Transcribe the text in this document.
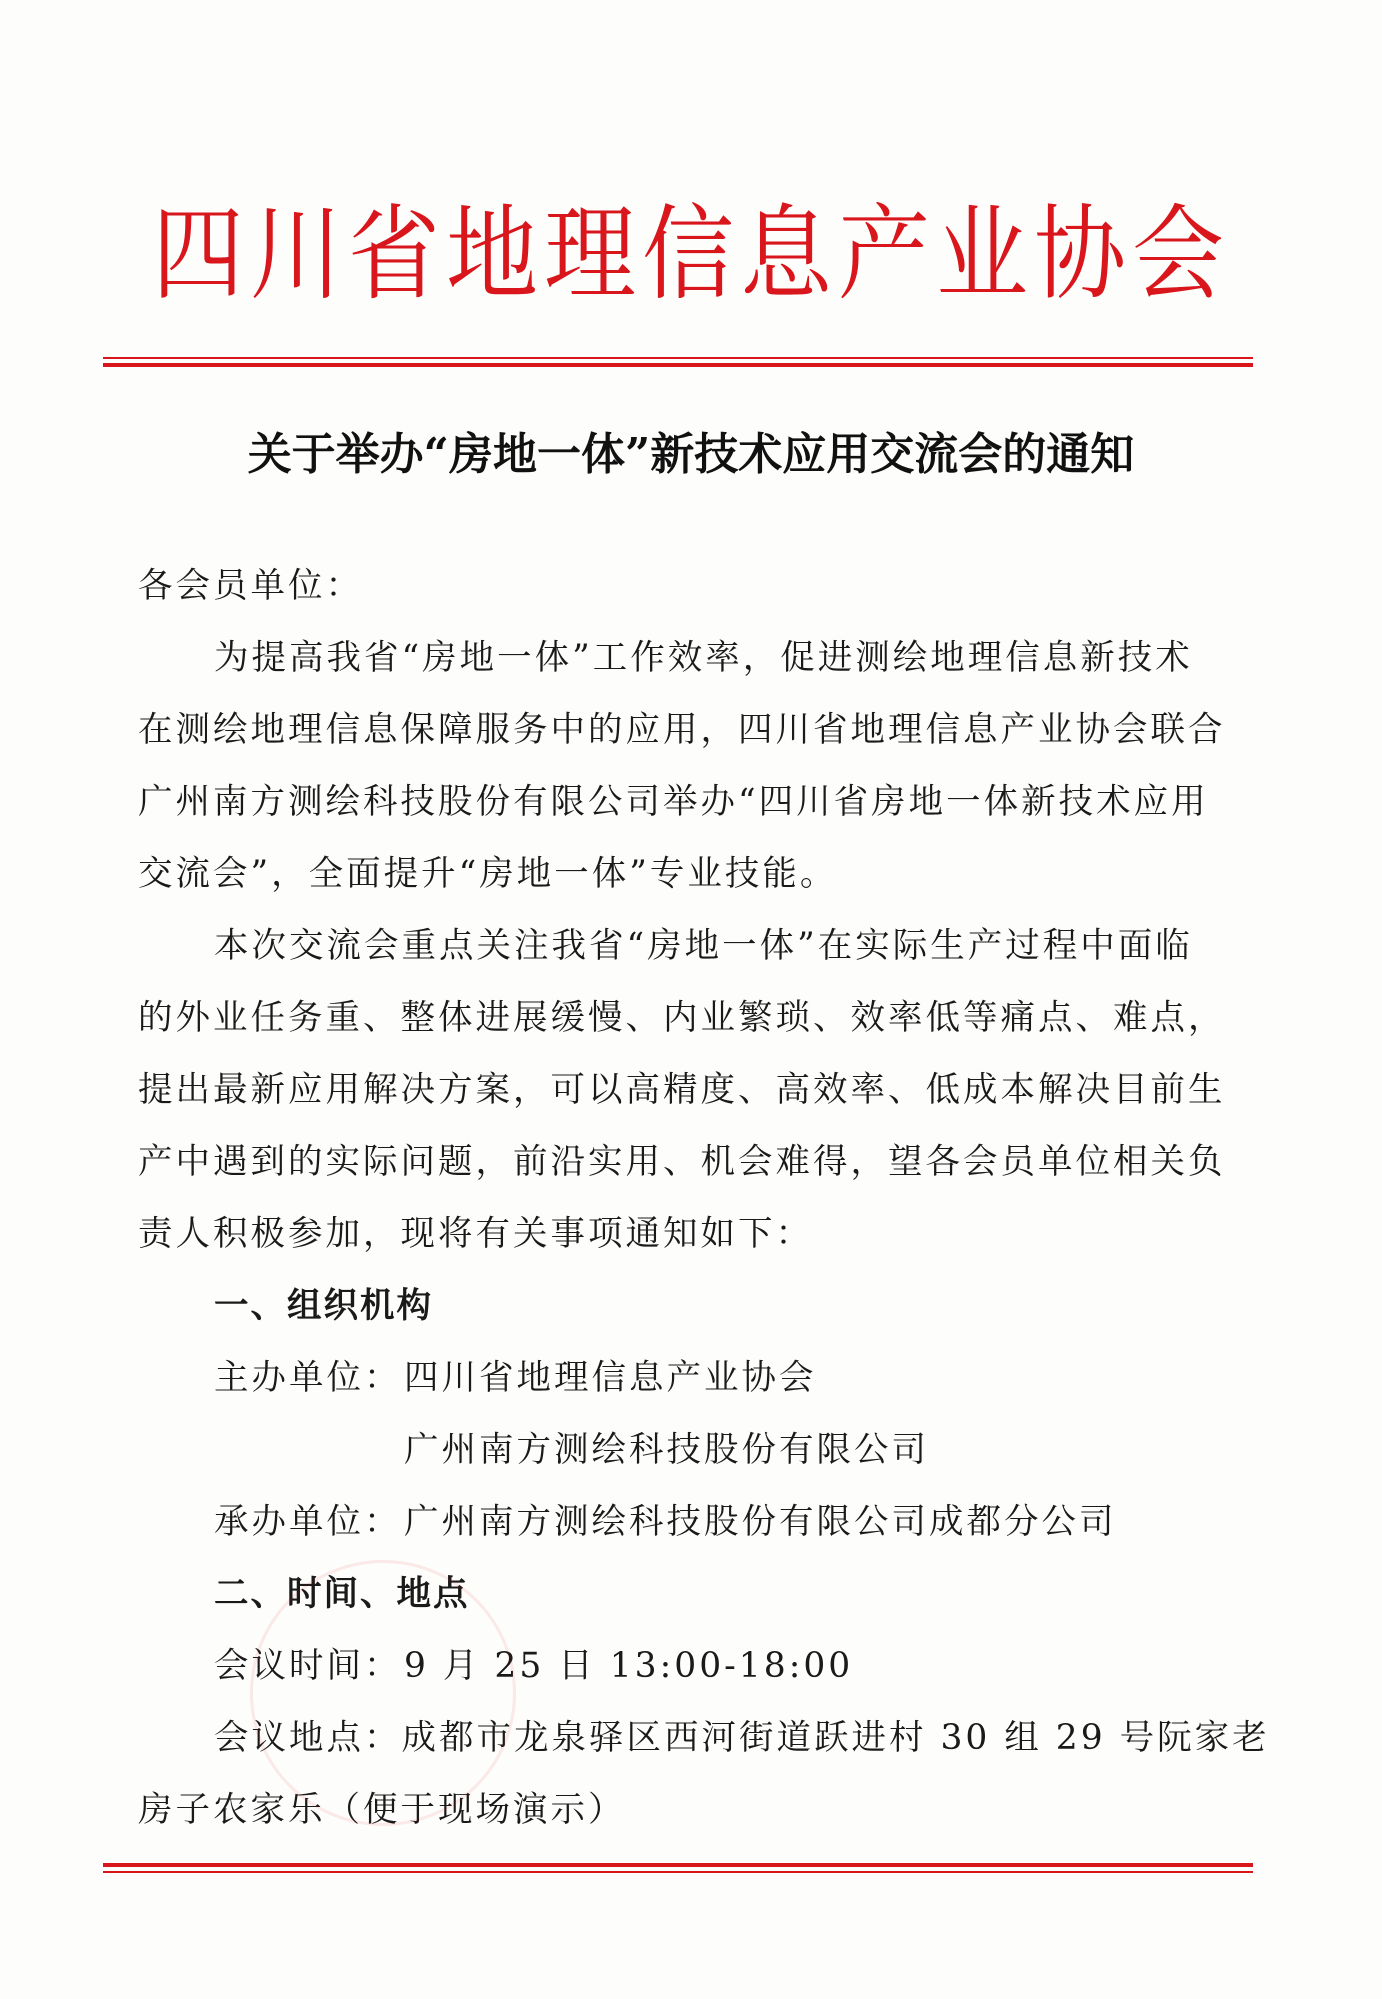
四川省地理信息产业协会
关于举办“房地一体”新技术应用交流会的通知
各会员单位：
为提高我省“房地一体”工作效率，促进测绘地理信息新技术
在测绘地理信息保障服务中的应用，四川省地理信息产业协会联合
广州南方测绘科技股份有限公司举办“四川省房地一体新技术应用
交流会”，全面提升“房地一体”专业技能。
本次交流会重点关注我省“房地一体”在实际生产过程中面临
的外业任务重、整体进展缓慢、内业繁琐、效率低等痛点、难点，
提出最新应用解决方案，可以高精度、高效率、低成本解决目前生
产中遇到的实际问题，前沿实用、机会难得，望各会员单位相关负
责人积极参加，现将有关事项通知如下：
一、组织机构
主办单位：四川省地理信息产业协会
广州南方测绘科技股份有限公司
承办单位：广州南方测绘科技股份有限公司成都分公司
二、时间、地点
会议时间：9 月 25 日 13:00-18:00
会议地点：成都市龙泉驿区西河街道跃进村 30 组 29 号阮家老
房子农家乐（便于现场演示）
